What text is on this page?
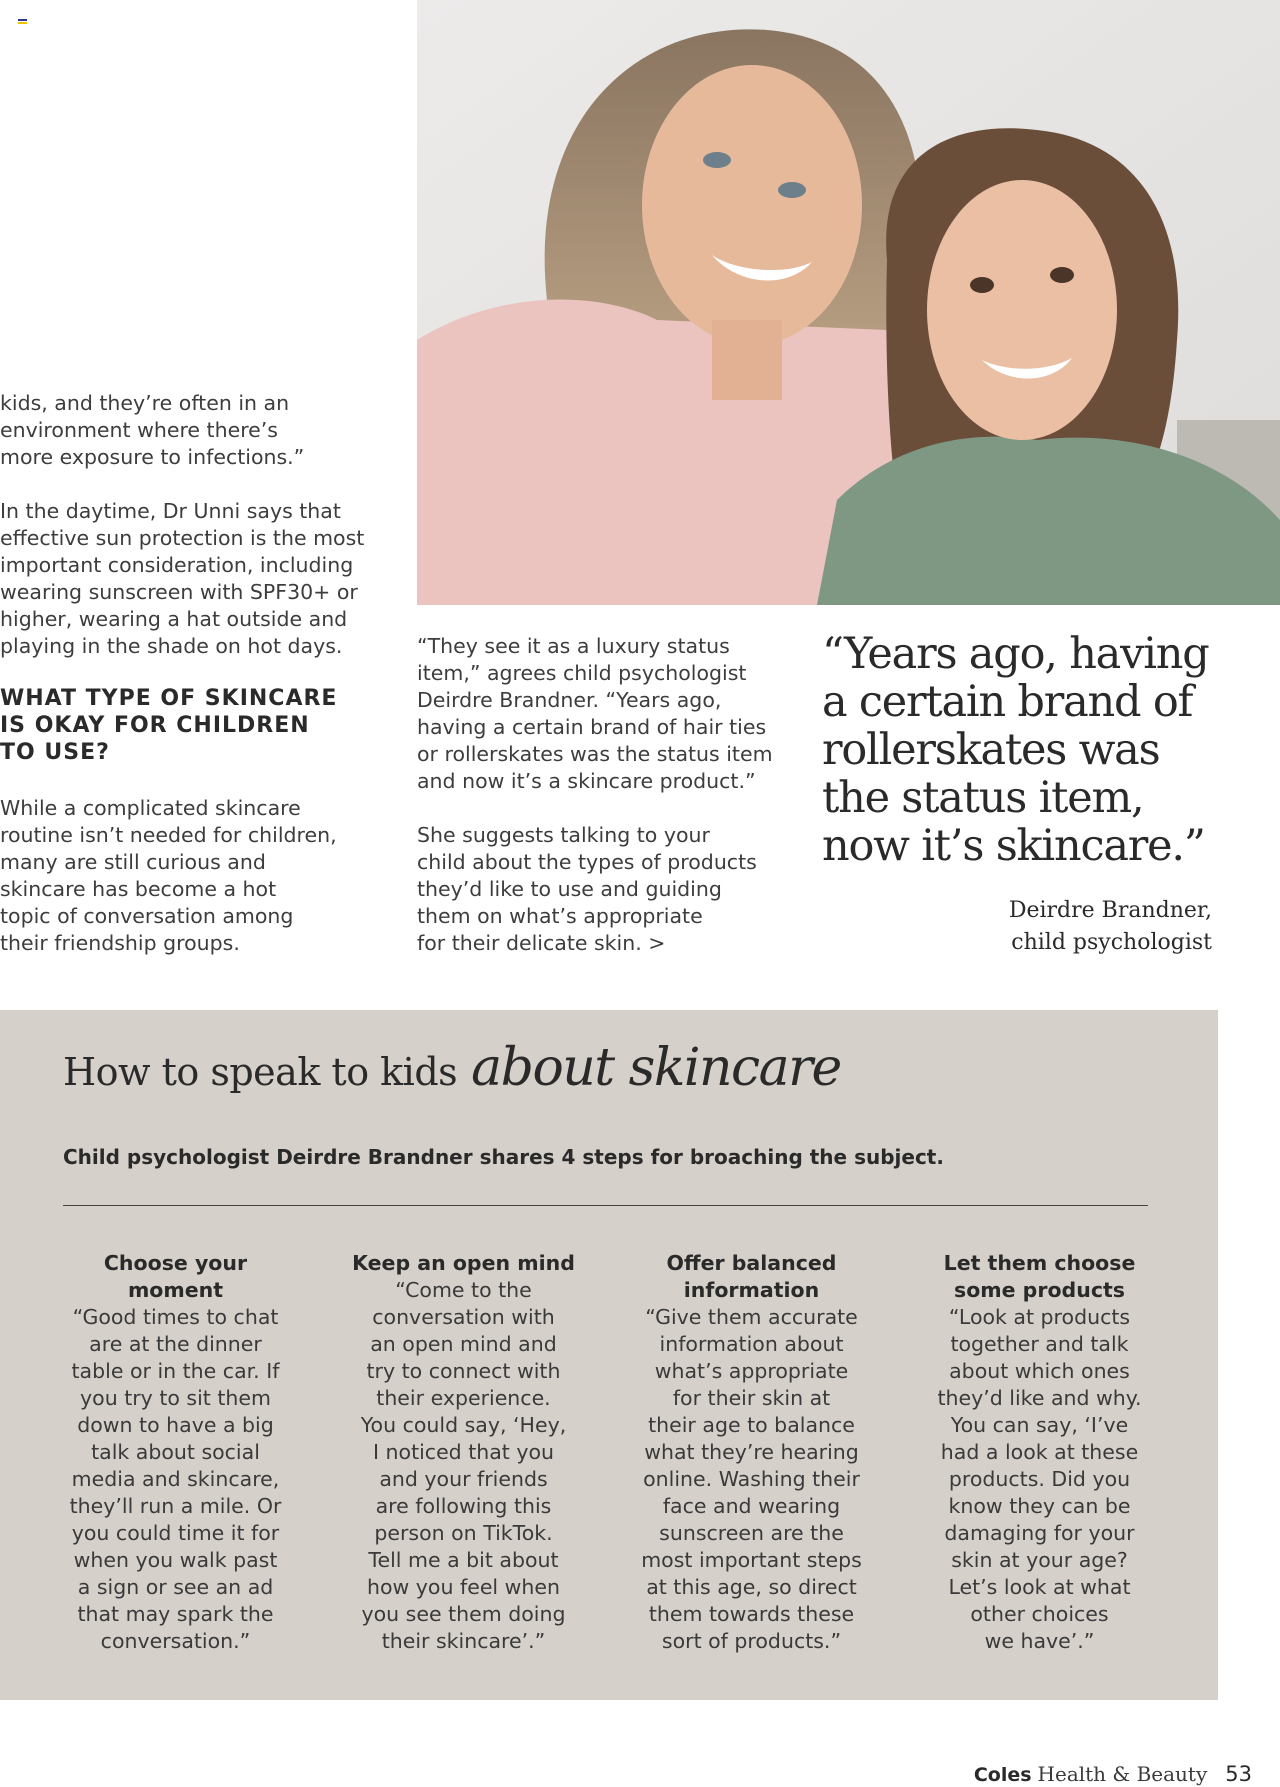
kids, and they’re often in an
environment where there’s
more exposure to infections.”
In the daytime, Dr Unni says that
effective sun protection is the most
important consideration, including
wearing sunscreen with SPF30+ or
higher, wearing a hat outside and
playing in the shade on hot days.
WHAT TYPE OF SKINCARE
IS OKAY FOR CHILDREN
TO USE?
While a complicated skincare
routine isn’t needed for children,
many are still curious and
skincare has become a hot
topic of conversation among
their friendship groups.
“They see it as a luxury status
item,” agrees child psychologist
Deirdre Brandner. “Years ago,
having a certain brand of hair ties
or rollerskates was the status item
and now it’s a skincare product.”
She suggests talking to your
child about the types of products
they’d like to use and guiding
them on what’s appropriate
for their delicate skin. >
“Years ago, having
a certain brand of
rollerskates was
the status item,
now it’s skincare.”
Deirdre Brandner,
child psychologist
How to speak to kids about skincare
Child psychologist Deirdre Brandner shares 4 steps for broaching the subject.
Choose your
moment
“Good times to chat
are at the dinner
table or in the car. If
you try to sit them
down to have a big
talk about social
media and skincare,
they’ll run a mile. Or
you could time it for
when you walk past
a sign or see an ad
that may spark the
conversation.”
Keep an open mind
“Come to the
conversation with
an open mind and
try to connect with
their experience.
You could say, ‘Hey,
I noticed that you
and your friends
are following this
person on TikTok.
Tell me a bit about
how you feel when
you see them doing
their skincare’.”
Offer balanced
information
“Give them accurate
information about
what’s appropriate
for their skin at
their age to balance
what they’re hearing
online. Washing their
face and wearing
sunscreen are the
most important steps
at this age, so direct
them towards these
sort of products.”
Let them choose
some products
“Look at products
together and talk
about which ones
they’d like and why.
You can say, ‘I’ve
had a look at these
products. Did you
know they can be
damaging for your
skin at your age?
Let’s look at what
other choices
we have’.”
Coles Health & Beauty 53
